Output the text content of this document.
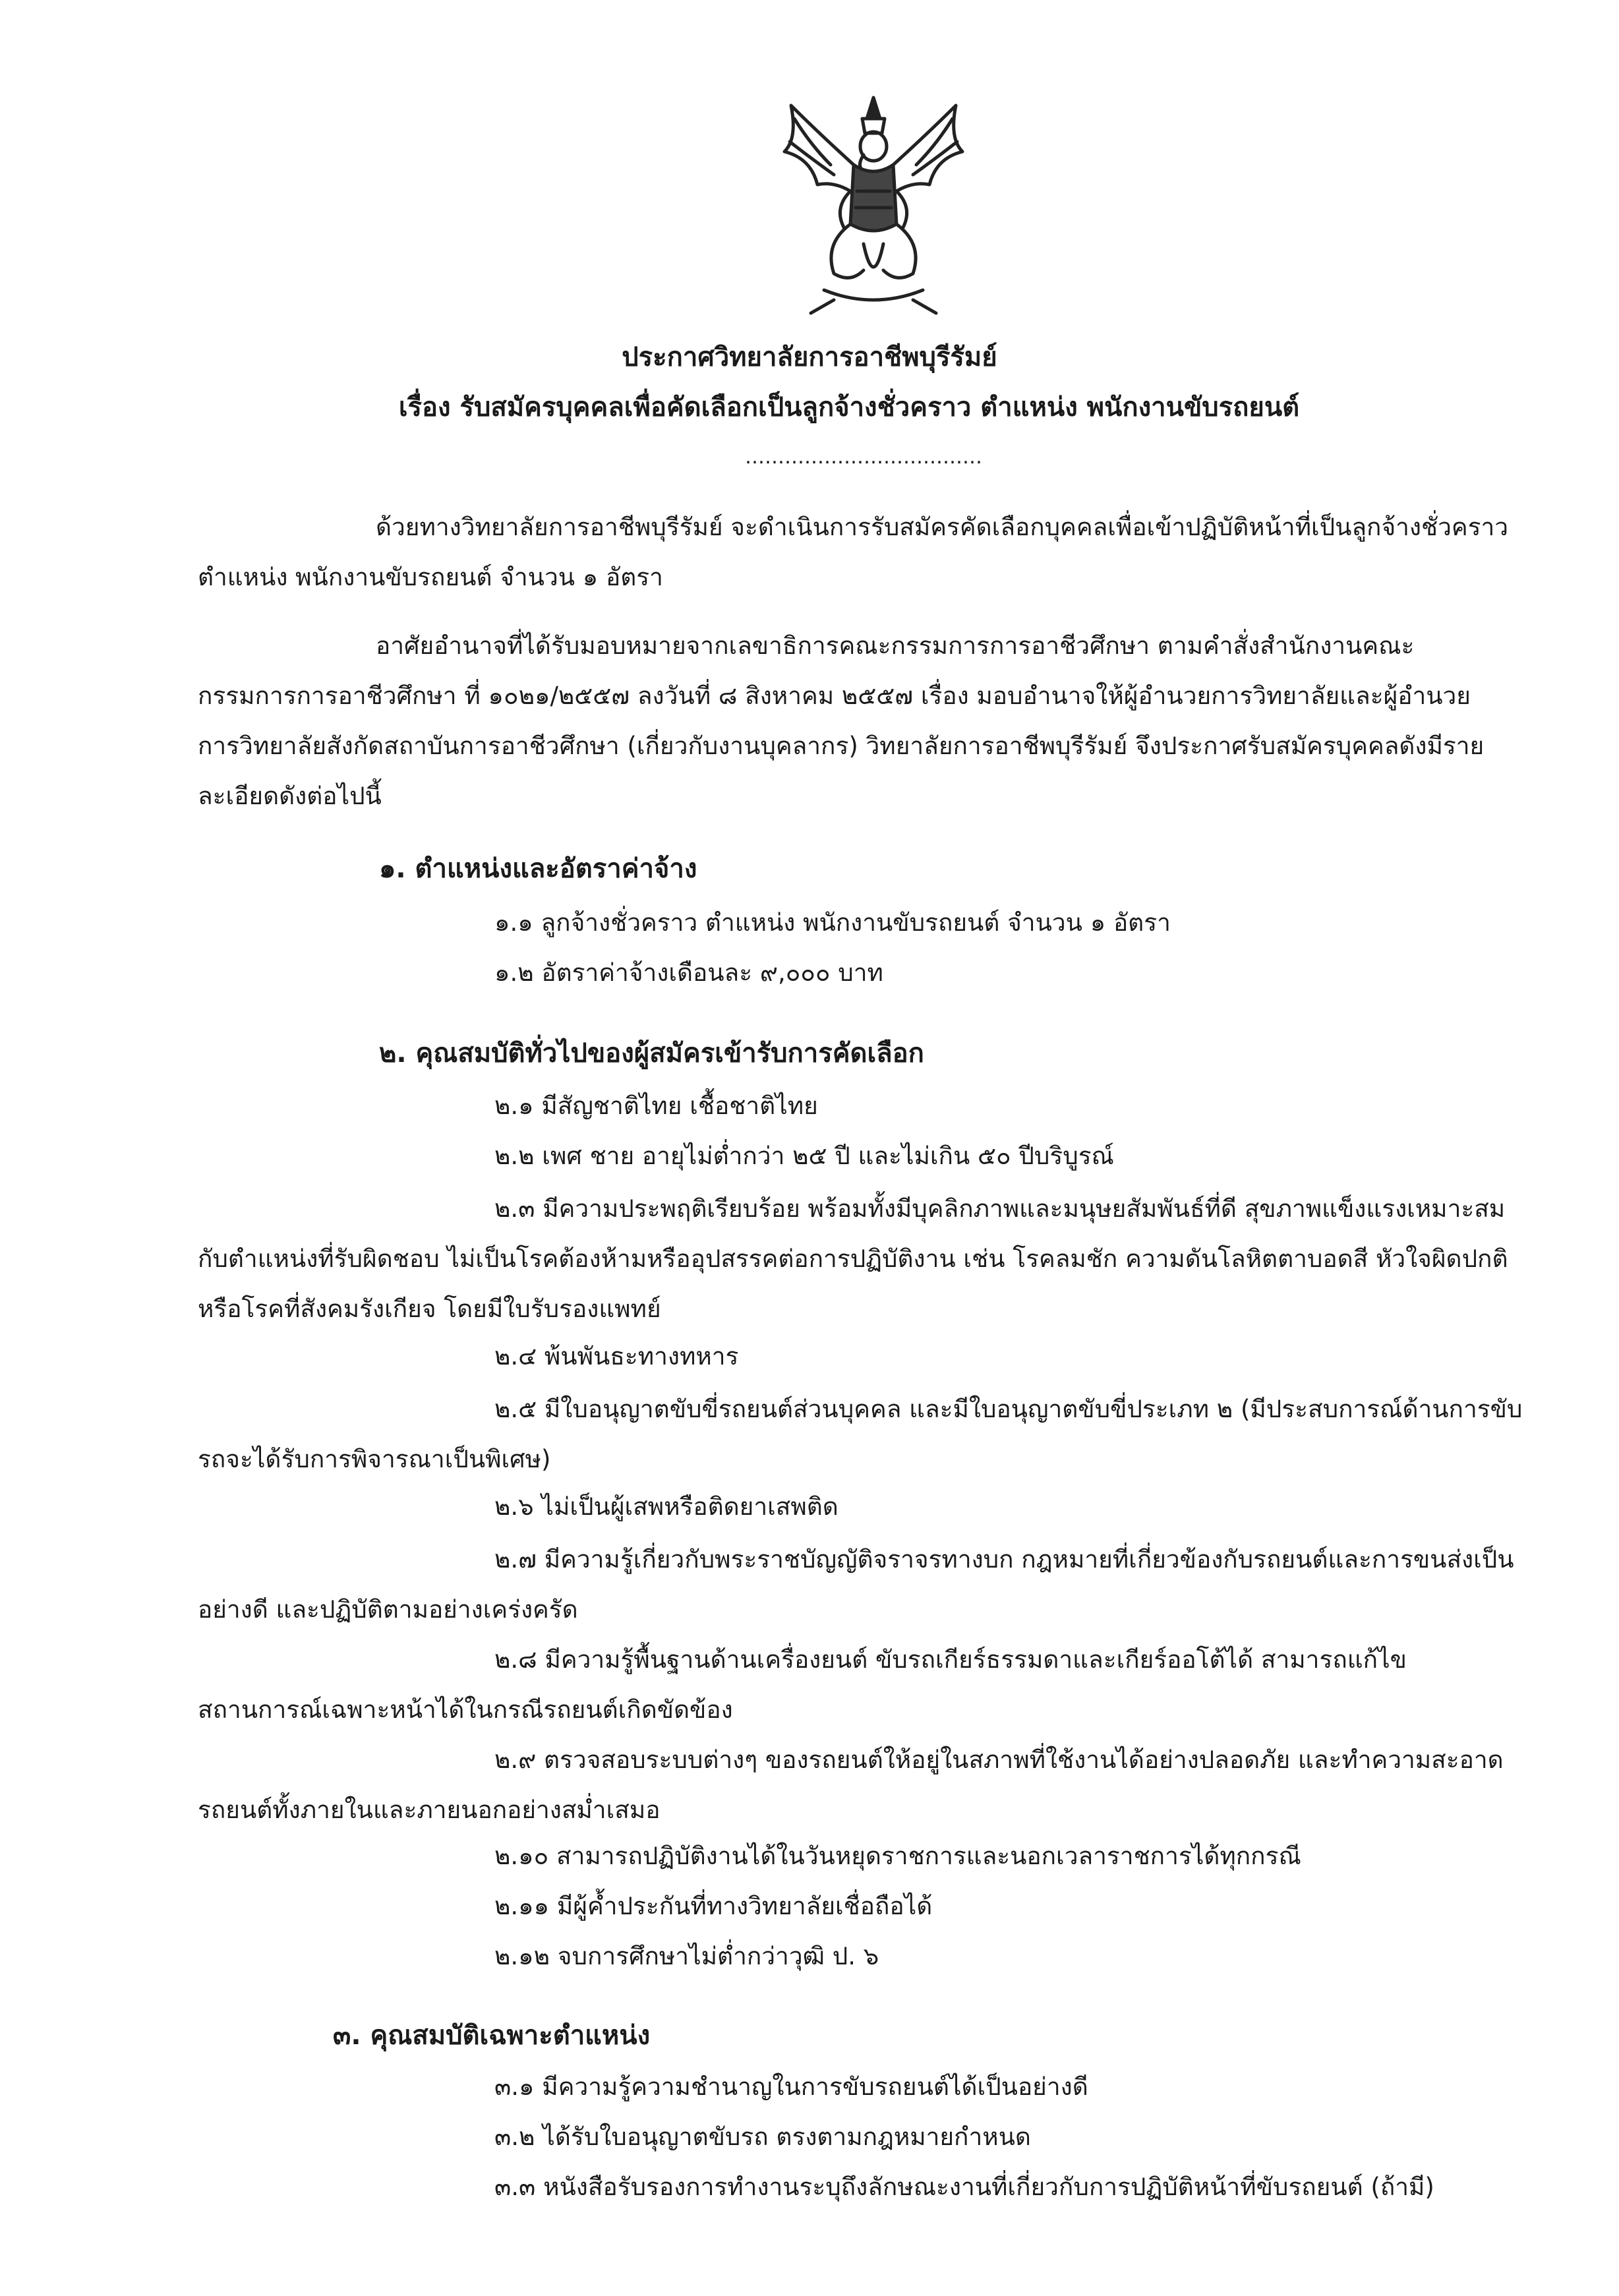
ประกาศวิทยาลัยการอาชีพบุรีรัมย์
เรื่อง รับสมัครบุคคลเพื่อคัดเลือกเป็นลูกจ้างชั่วคราว ตำแหน่ง พนักงานขับรถยนต์
………………………………
ด้วยทางวิทยาลัยการอาชีพบุรีรัมย์ จะดำเนินการรับสมัครคัดเลือกบุคคลเพื่อเข้าปฏิบัติหน้าที่เป็นลูกจ้างชั่วคราว ตำแหน่ง พนักงานขับรถยนต์ จำนวน ๑ อัตรา
อาศัยอำนาจที่ได้รับมอบหมายจากเลขาธิการคณะกรรมการการอาชีวศึกษา ตามคำสั่งสำนักงานคณะกรรมการการอาชีวศึกษา ที่ ๑๐๒๑/๒๕๕๗ ลงวันที่ ๘ สิงหาคม ๒๕๕๗ เรื่อง มอบอำนาจให้ผู้อำนวยการวิทยาลัยและผู้อำนวยการวิทยาลัยสังกัดสถาบันการอาชีวศึกษา (เกี่ยวกับงานบุคลากร) วิทยาลัยการอาชีพบุรีรัมย์ จึงประกาศรับสมัครบุคคลดังมีรายละเอียดดังต่อไปนี้
๑. ตำแหน่งและอัตราค่าจ้าง
๑.๑ ลูกจ้างชั่วคราว ตำแหน่ง พนักงานขับรถยนต์ จำนวน ๑ อัตรา
๑.๒ อัตราค่าจ้างเดือนละ ๙,๐๐๐ บาท
๒. คุณสมบัติทั่วไปของผู้สมัครเข้ารับการคัดเลือก
๒.๑ มีสัญชาติไทย เชื้อชาติไทย
๒.๒ เพศ ชาย อายุไม่ต่ำกว่า ๒๕ ปี และไม่เกิน ๕๐ ปีบริบูรณ์
๒.๓ มีความประพฤติเรียบร้อย พร้อมทั้งมีบุคลิกภาพและมนุษยสัมพันธ์ที่ดี สุขภาพแข็งแรงเหมาะสมกับตำแหน่งที่รับผิดชอบ ไม่เป็นโรคต้องห้ามหรืออุปสรรคต่อการปฏิบัติงาน เช่น โรคลมชัก ความดันโลหิตตาบอดสี หัวใจผิดปกติ หรือโรคที่สังคมรังเกียจ โดยมีใบรับรองแพทย์
๒.๔ พ้นพันธะทางทหาร
๒.๕ มีใบอนุญาตขับขี่รถยนต์ส่วนบุคคล และมีใบอนุญาตขับขี่ประเภท ๒ (มีประสบการณ์ด้านการขับรถจะได้รับการพิจารณาเป็นพิเศษ)
๒.๖ ไม่เป็นผู้เสพหรือติดยาเสพติด
๒.๗ มีความรู้เกี่ยวกับพระราชบัญญัติจราจรทางบก กฎหมายที่เกี่ยวข้องกับรถยนต์และการขนส่งเป็นอย่างดี และปฏิบัติตามอย่างเคร่งครัด
๒.๘ มีความรู้พื้นฐานด้านเครื่องยนต์ ขับรถเกียร์ธรรมดาและเกียร์ออโต้ได้ สามารถแก้ไขสถานการณ์เฉพาะหน้าได้ในกรณีรถยนต์เกิดขัดข้อง
๒.๙ ตรวจสอบระบบต่างๆ ของรถยนต์ให้อยู่ในสภาพที่ใช้งานได้อย่างปลอดภัย และทำความสะอาดรถยนต์ทั้งภายในและภายนอกอย่างสม่ำเสมอ
๒.๑๐ สามารถปฏิบัติงานได้ในวันหยุดราชการและนอกเวลาราชการได้ทุกกรณี
๒.๑๑ มีผู้ค้ำประกันที่ทางวิทยาลัยเชื่อถือได้
๒.๑๒ จบการศึกษาไม่ต่ำกว่าวุฒิ ป. ๖
๓. คุณสมบัติเฉพาะตำแหน่ง
๓.๑ มีความรู้ความชำนาญในการขับรถยนต์ได้เป็นอย่างดี
๓.๒ ได้รับใบอนุญาตขับรถ ตรงตามกฎหมายกำหนด
๓.๓ หนังสือรับรองการทำงานระบุถึงลักษณะงานที่เกี่ยวกับการปฏิบัติหน้าที่ขับรถยนต์ (ถ้ามี)
